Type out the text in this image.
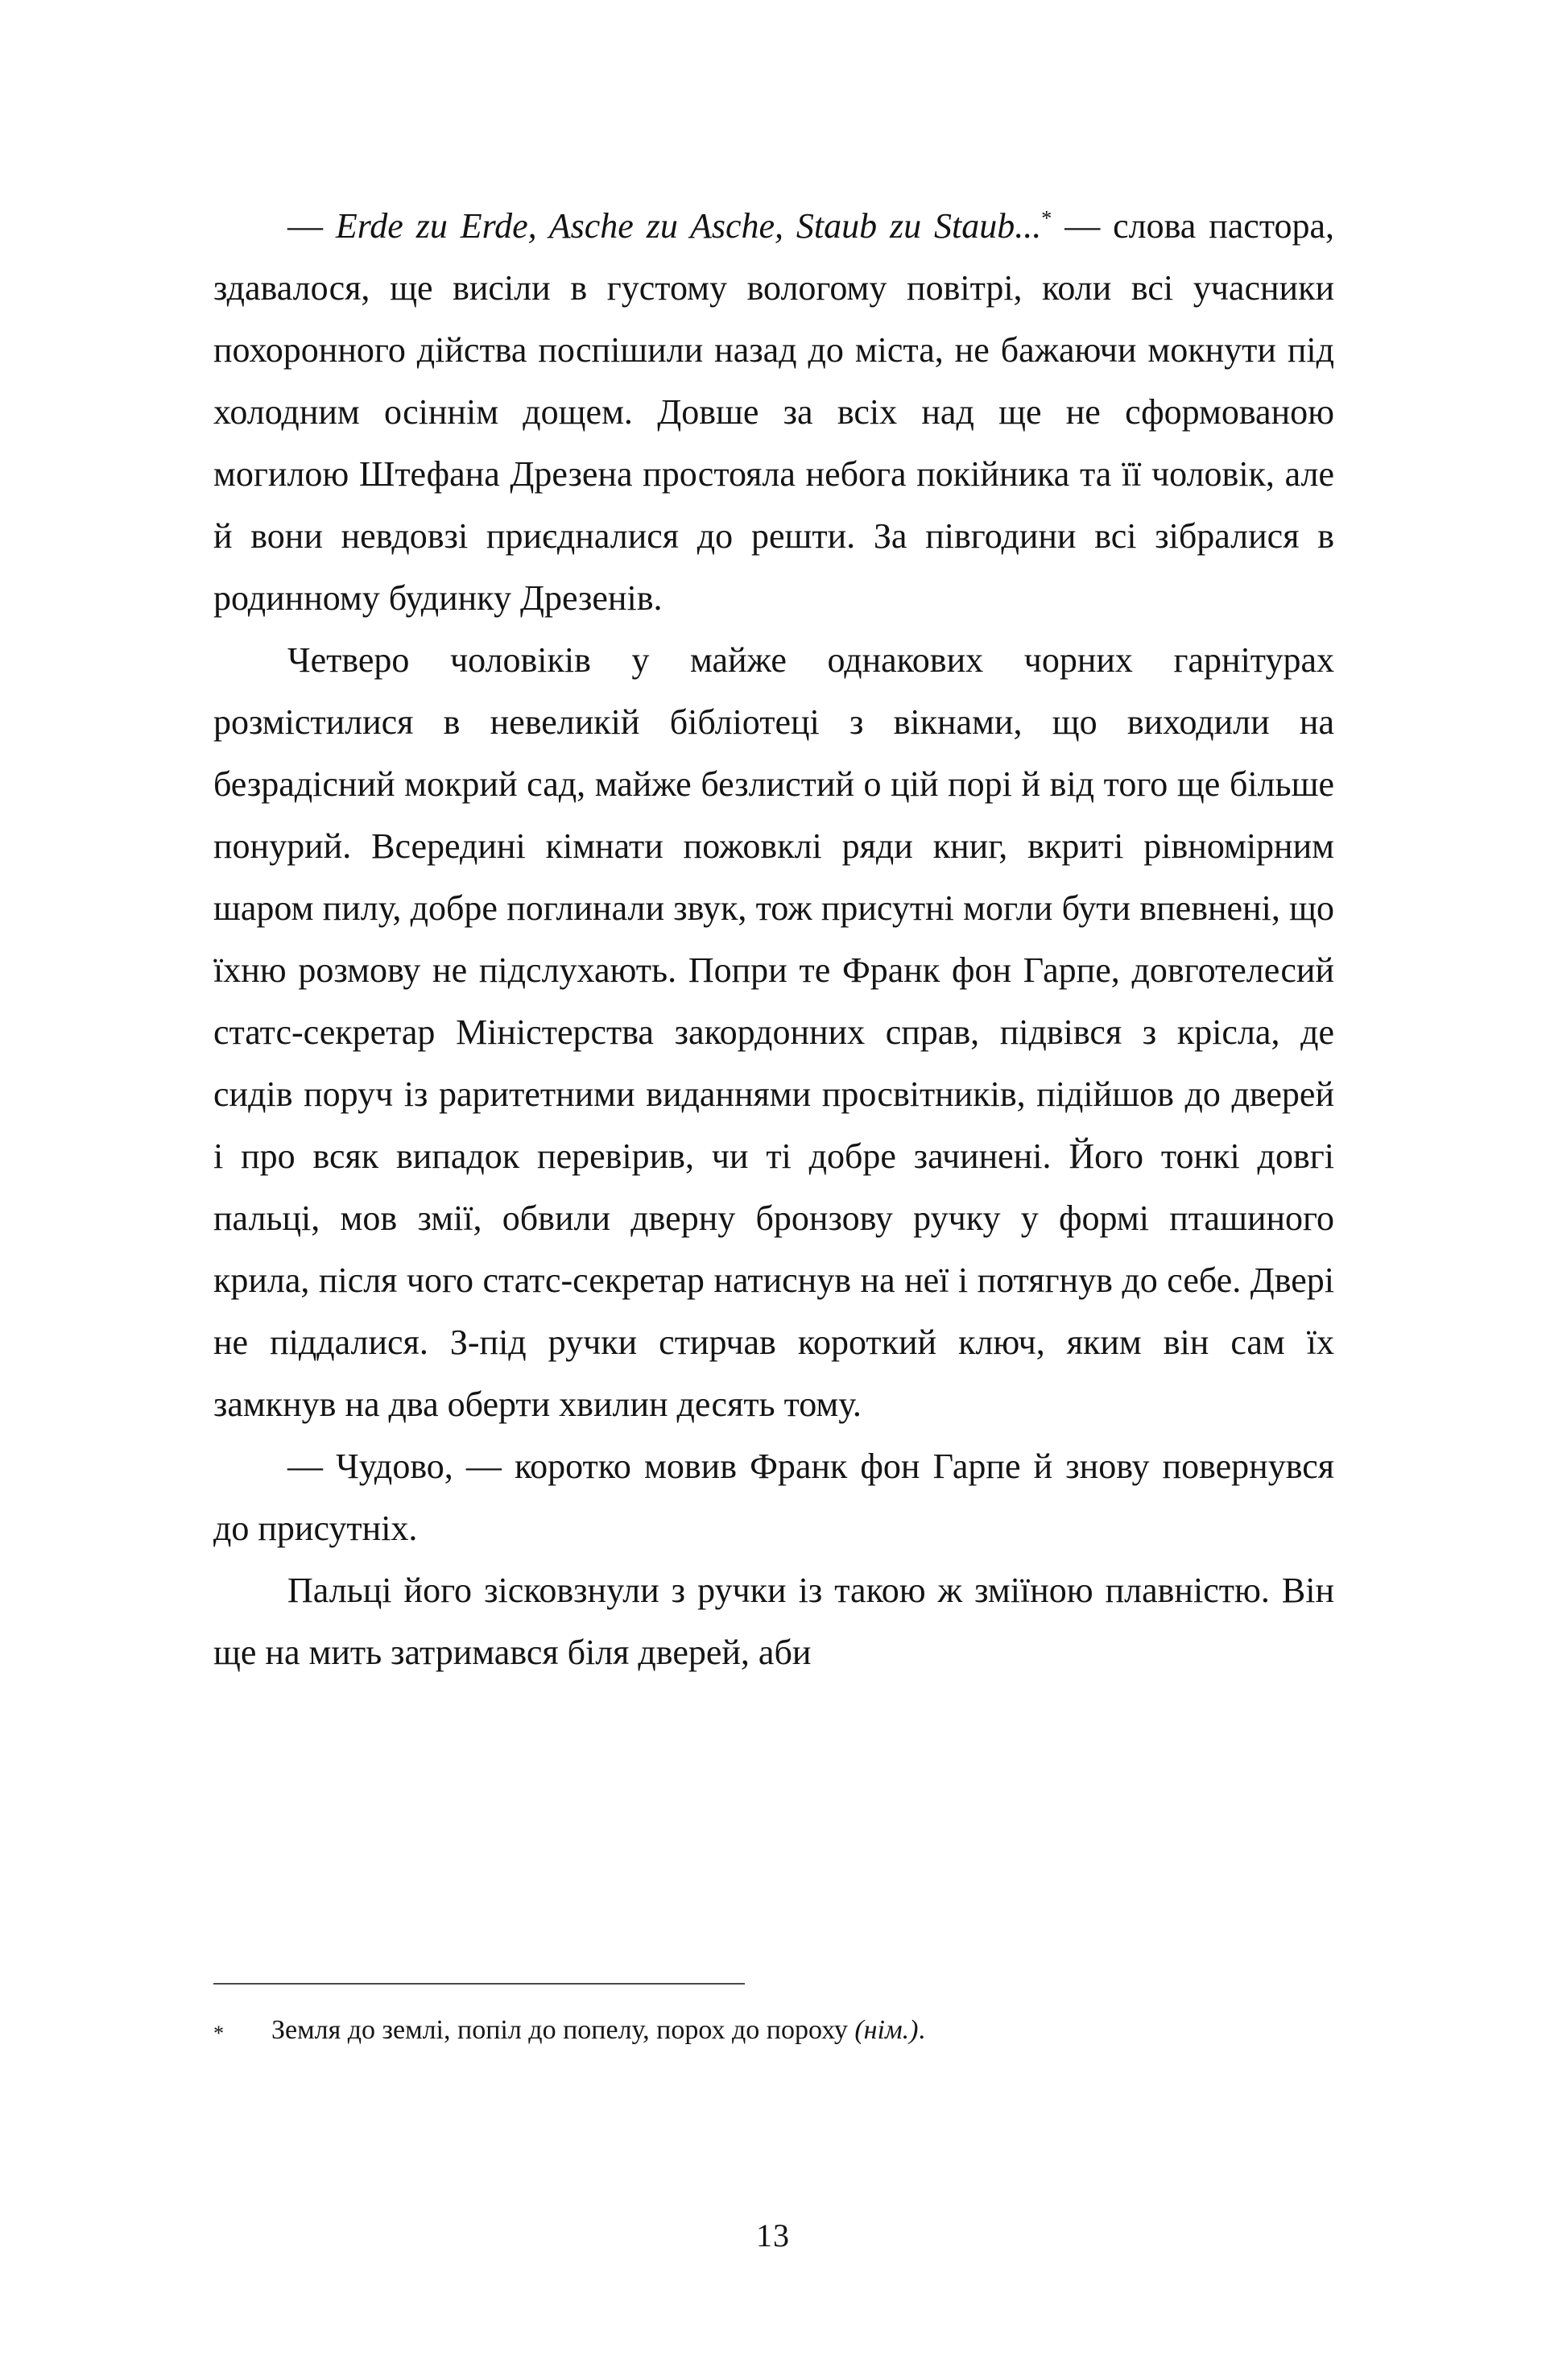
— Erde zu Erde, Asche zu Asche, Staub zu Staub...* — слова пастора, здавалося, ще висіли в густому вологому повітрі, коли всі учасники похоронного дійства поспішили назад до міста, не бажаючи мокнути під холодним осіннім дощем. Довше за всіх над ще не сформованою могилою Штефана Дрезена простояла небога покійника та її чоловік, але й вони невдовзі приєдналися до решти. За півгодини всі зібралися в родинному будинку Дрезенів.

Четверо чоловіків у майже однакових чорних гарнітурах розмістилися в невеликій бібліотеці з вікнами, що виходили на безрадісний мокрий сад, майже безлистий о цій порі й від того ще більше понурий. Всередині кімнати пожовклі ряди книг, вкриті рівномірним шаром пилу, добре поглинали звук, тож присутні могли бути впевнені, що їхню розмову не підслухають. Попри те Франк фон Гарпе, довготелесий статс-секретар Міністерства закордонних справ, підвівся з крісла, де сидів поруч із раритетними виданнями просвітників, підійшов до дверей і про всяк випадок перевірив, чи ті добре зачинені. Його тонкі довгі пальці, мов змії, обвили дверну бронзову ручку у формі пташиного крила, після чого статс-секретар натиснув на неї і потягнув до себе. Двері не піддалися. З-під ручки стирчав короткий ключ, яким він сам їх замкнув на два оберти хвилин десять тому.

— Чудово, — коротко мовив Франк фон Гарпе й знову повернувся до присутніх.

Пальці його зісковзнули з ручки із такою ж зміїною плавністю. Він ще на мить затримався біля дверей, аби

*	Земля до землі, попіл до попелу, порох до пороху (нім.).
13
